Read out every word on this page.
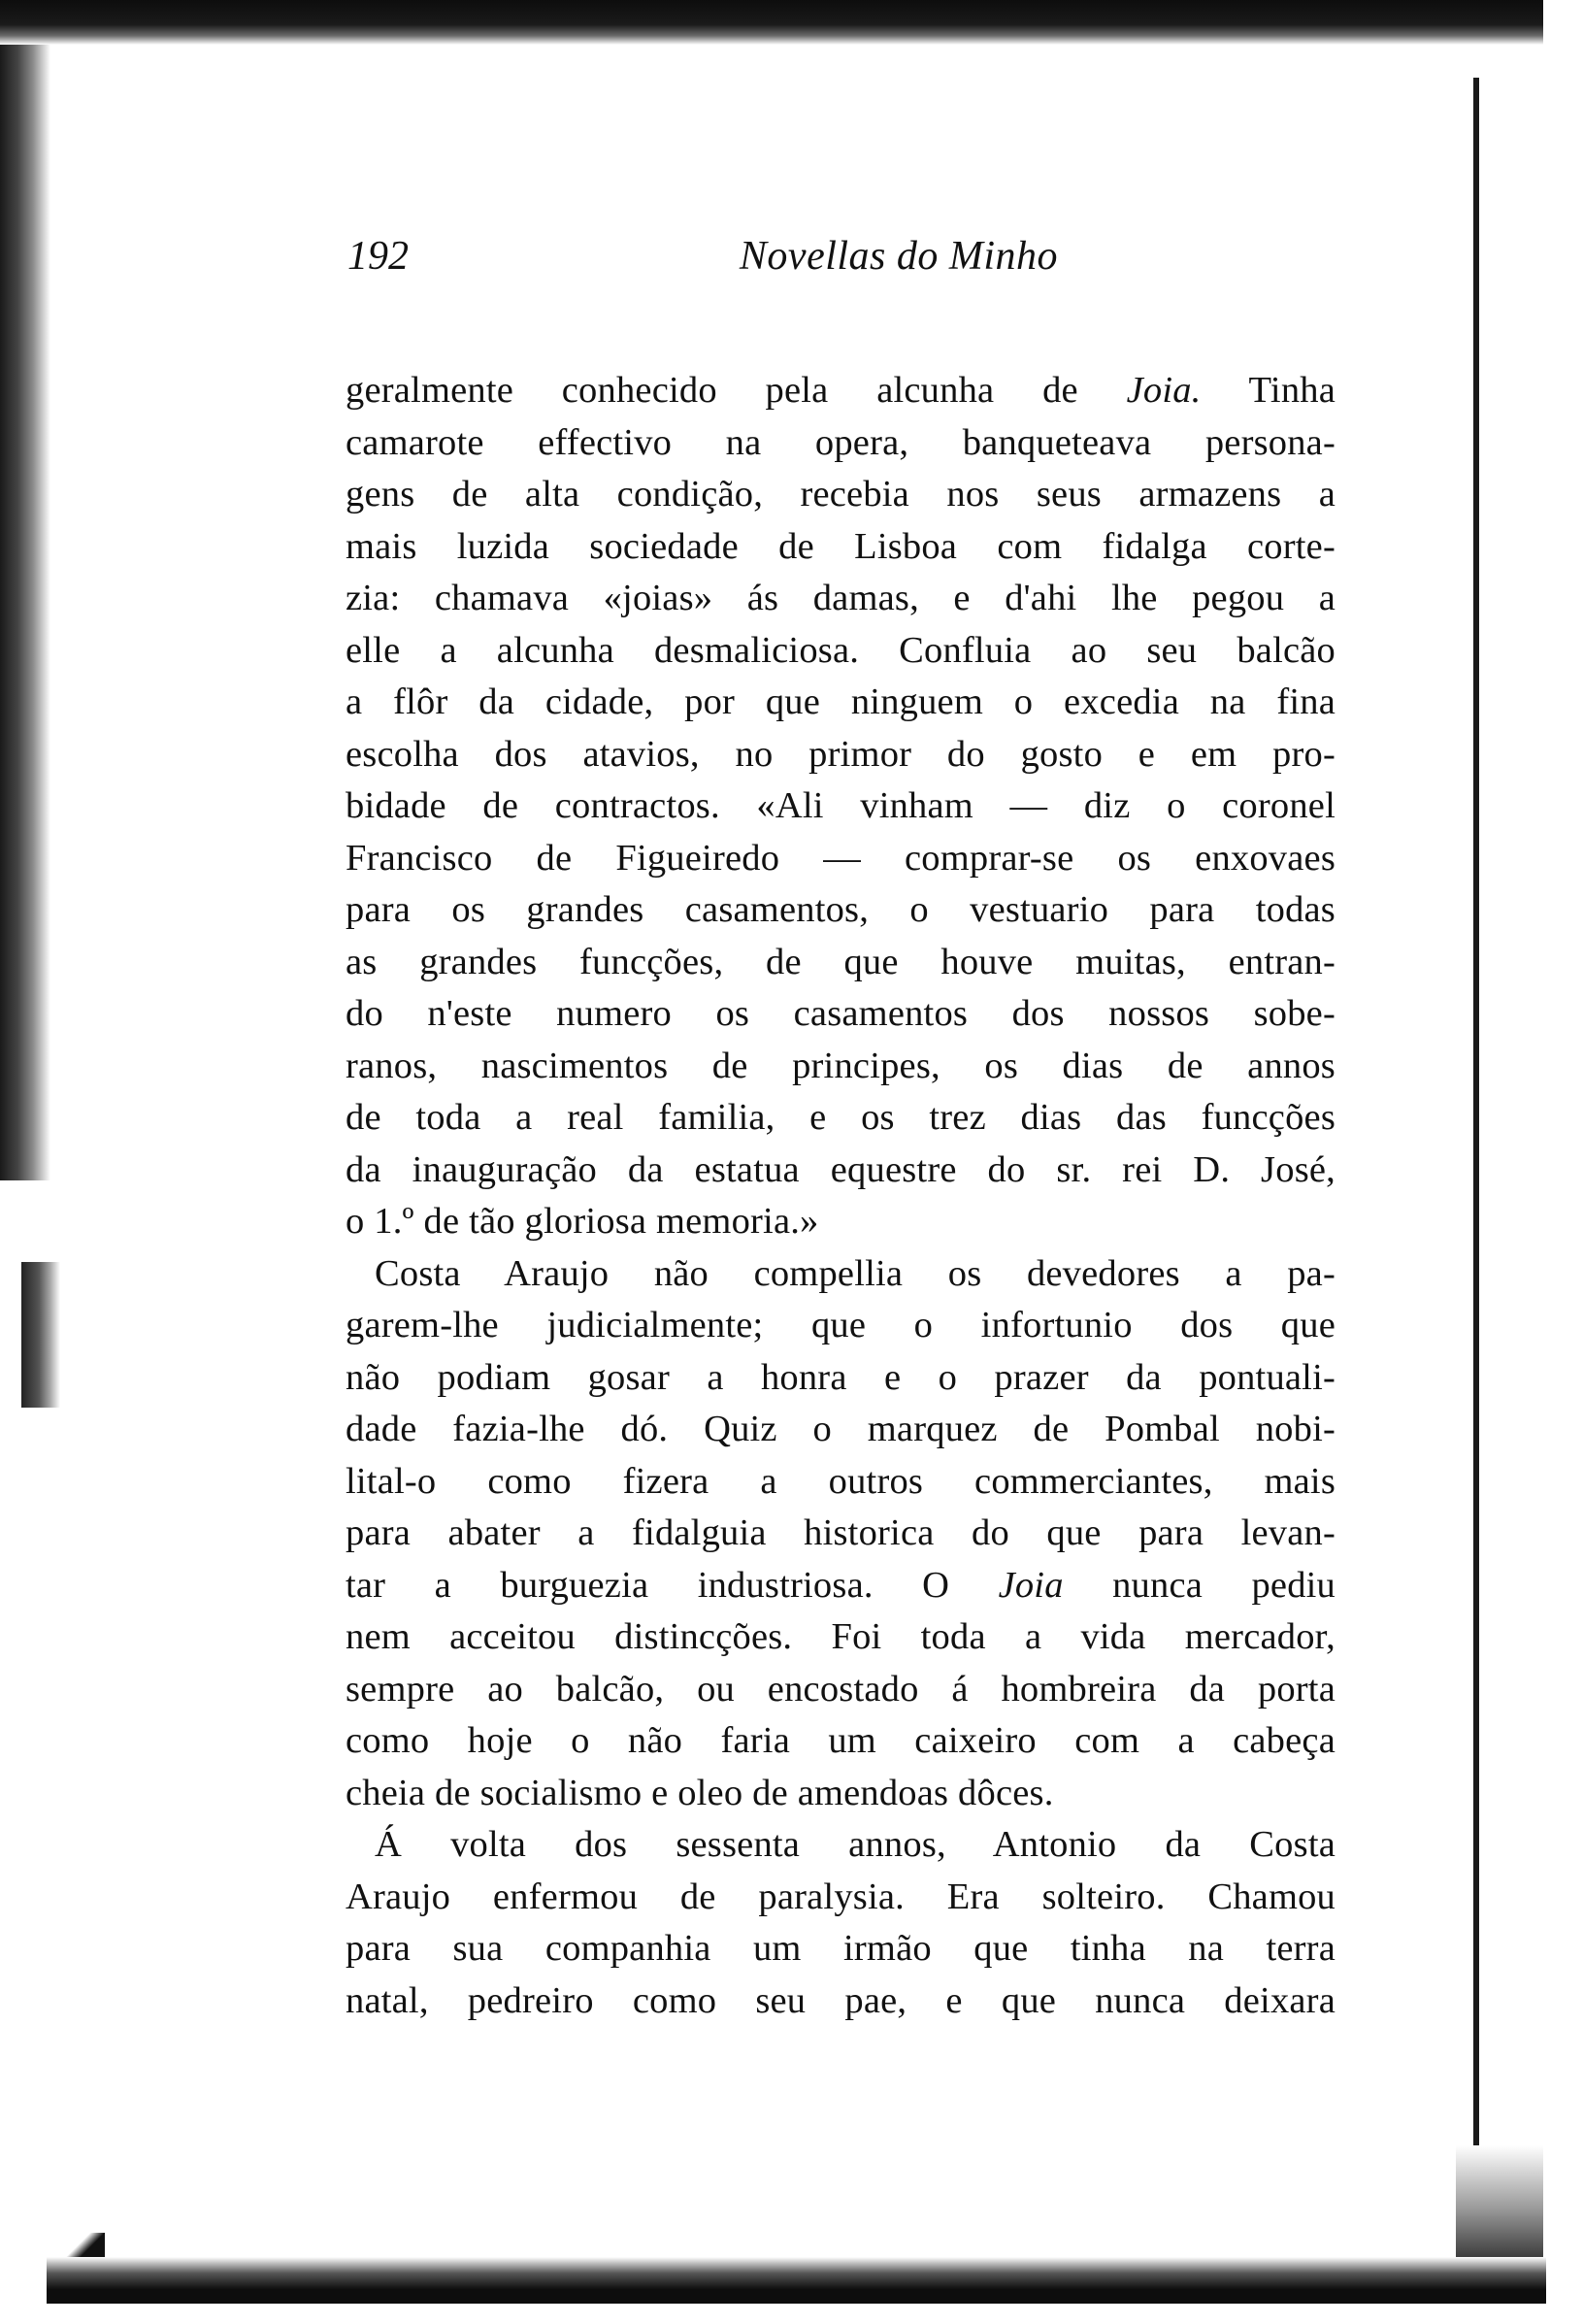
192	Novellas do Minho
geralmente conhecido pela alcunha de Joia. Tinha
camarote effectivo na opera, banqueteava persona-
gens de alta condição, recebia nos seus armazens a
mais luzida sociedade de Lisboa com fidalga corte-
zia: chamava «joias» ás damas, e d'ahi lhe pegou a
elle a alcunha desmaliciosa. Confluia ao seu balcão
a flôr da cidade, por que ninguem o excedia na fina
escolha dos atavios, no primor do gosto e em pro-
bidade de contractos. «Ali vinham — diz o coronel
Francisco de Figueiredo — comprar-se os enxovaes
para os grandes casamentos, o vestuario para todas
as grandes funcções, de que houve muitas, entran-
do n'este numero os casamentos dos nossos sobe-
ranos, nascimentos de principes, os dias de annos
de toda a real familia, e os trez dias das funcções
da inauguração da estatua equestre do sr. rei D. José,
o 1.º de tão gloriosa memoria.»
Costa Araujo não compellia os devedores a pa-
garem-lhe judicialmente; que o infortunio dos que
não podiam gosar a honra e o prazer da pontuali-
dade fazia-lhe dó. Quiz o marquez de Pombal nobi-
lital-o como fizera a outros commerciantes, mais
para abater a fidalguia historica do que para levan-
tar a burguezia industriosa. O Joia nunca pediu
nem acceitou distincções. Foi toda a vida mercador,
sempre ao balcão, ou encostado á hombreira da porta
como hoje o não faria um caixeiro com a cabeça
cheia de socialismo e oleo de amendoas dôces.
Á volta dos sessenta annos, Antonio da Costa
Araujo enfermou de paralysia. Era solteiro. Chamou
para sua companhia um irmão que tinha na terra
natal, pedreiro como seu pae, e que nunca deixara
